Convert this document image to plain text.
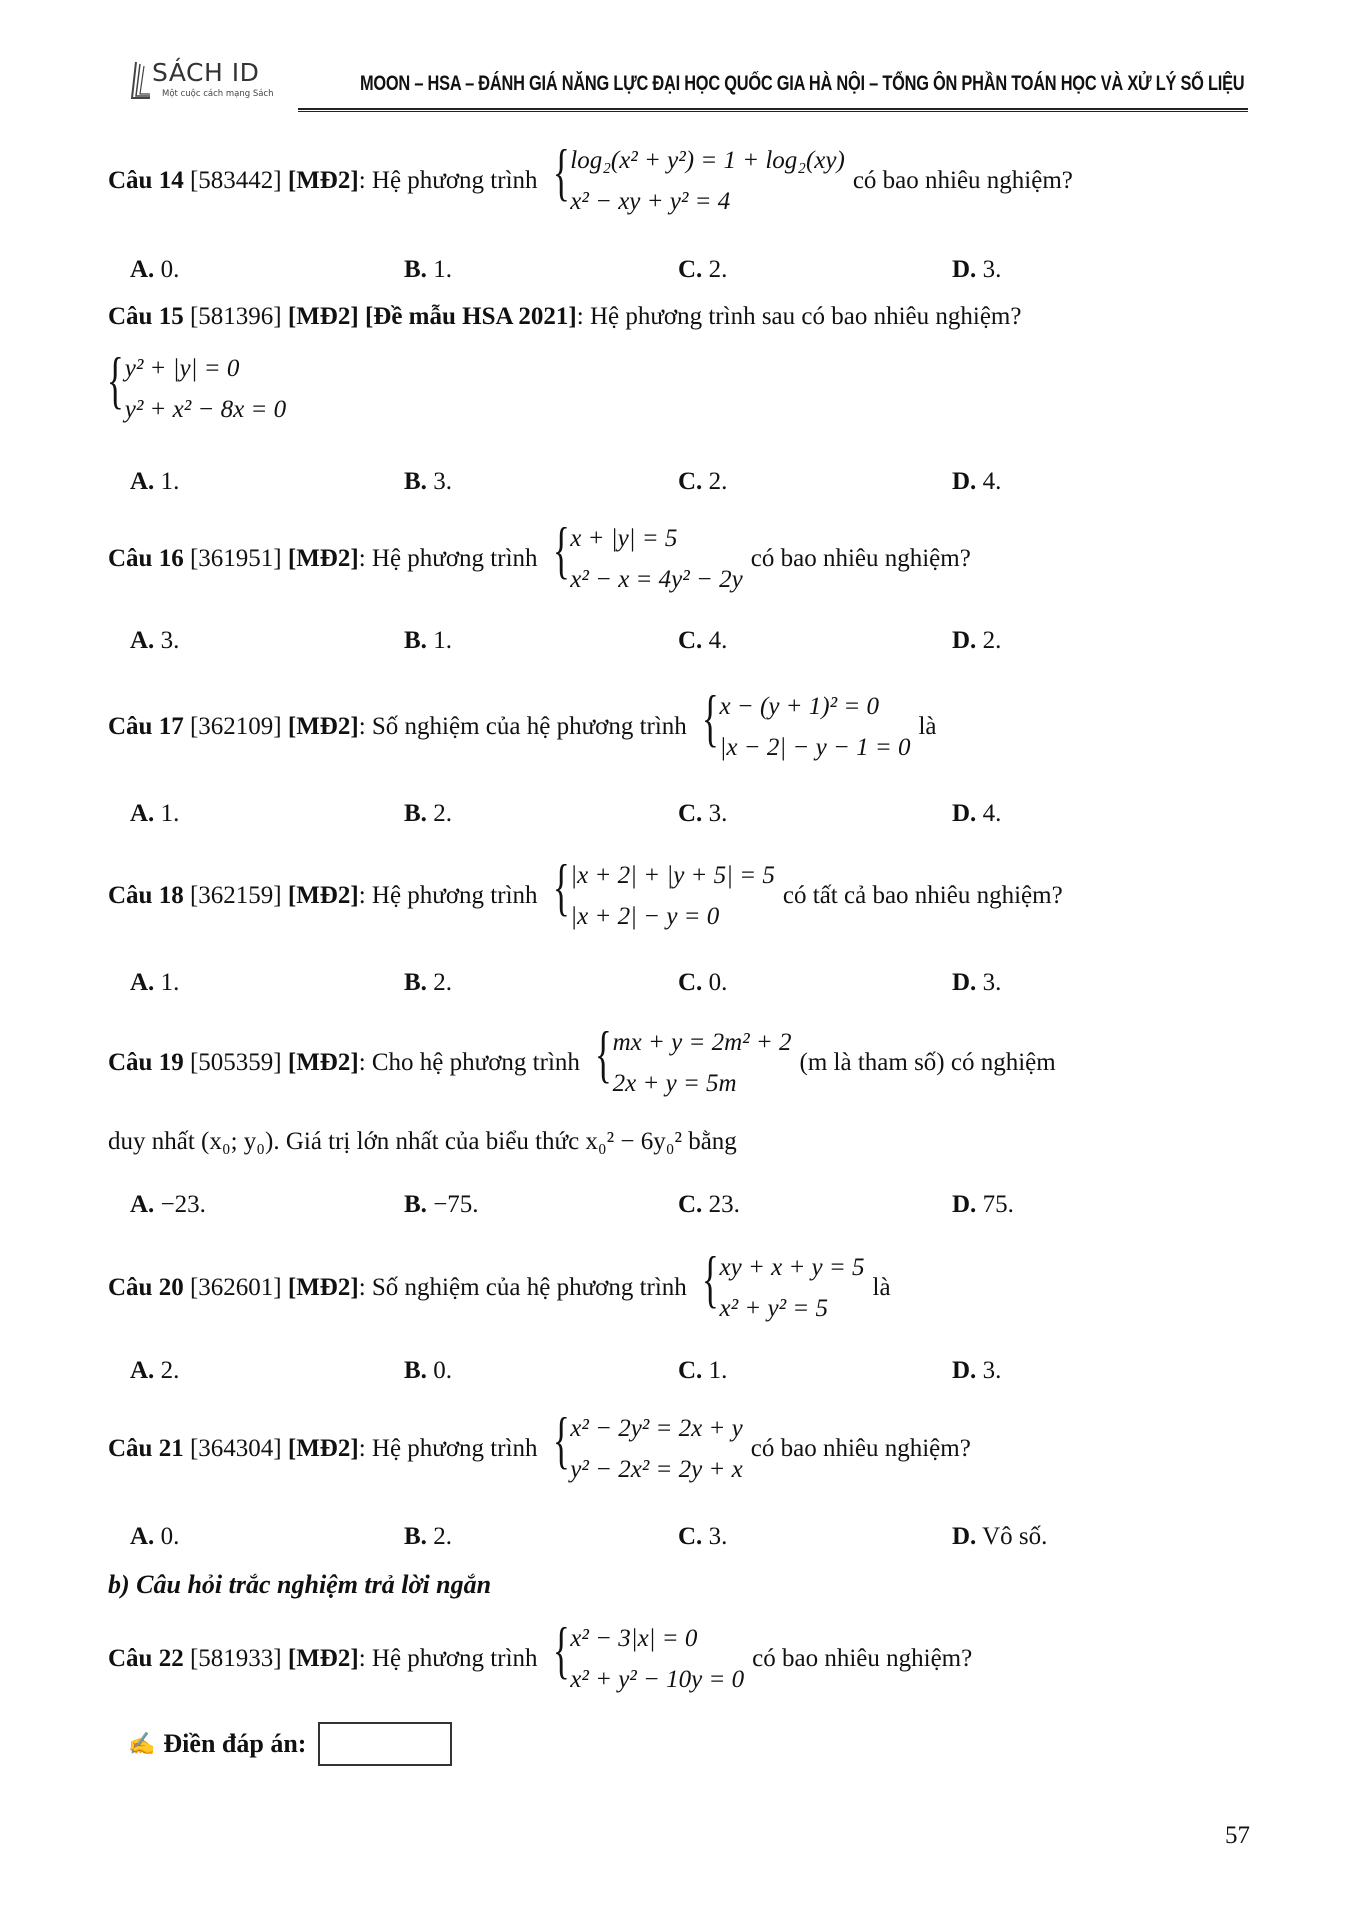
SÁCH ID
Một cuộc cách mạng Sách	MOON – HSA – ĐÁNH GIÁ NĂNG LỰC ĐẠI HỌC QUỐC GIA HÀ NỘI – TỔNG ÔN PHẦN TOÁN HỌC VÀ XỬ LÝ SỐ LIỆU
Câu 14 [583442] [MĐ2]: Hệ phương trình { log₂(x² + y²) = 1 + log₂(xy)
x² − xy + y² = 4
có bao nhiêu nghiệm?
A. 0.	B. 1.	C. 2.	D. 3.
Câu 15 [581396] [MĐ2] [Đề mẫu HSA 2021]: Hệ phương trình sau có bao nhiêu nghiệm?
{ y² + |y| = 0
y² + x² − 8x = 0
A. 1.	B. 3.	C. 2.	D. 4.
Câu 16 [361951] [MĐ2]: Hệ phương trình { x + |y| = 5
x² − x = 4y² − 2y
có bao nhiêu nghiệm?
A. 3.	B. 1.	C. 4.	D. 2.
Câu 17 [362109] [MĐ2]: Số nghiệm của hệ phương trình { x − (y + 1)² = 0
|x − 2| − y − 1 = 0
là
A. 1.	B. 2.	C. 3.	D. 4.
Câu 18 [362159] [MĐ2]: Hệ phương trình { |x + 2| + |y + 5| = 5
|x + 2| − y = 0
có tất cả bao nhiêu nghiệm?
A. 1.	B. 2.	C. 0.	D. 3.
Câu 19 [505359] [MĐ2]: Cho hệ phương trình { mx + y = 2m² + 2
2x + y = 5m
(m là tham số) có nghiệm
duy nhất (x₀; y₀). Giá trị lớn nhất của biểu thức x₀² − 6y₀² bằng
A. −23.	B. −75.	C. 23.	D. 75.
Câu 20 [362601] [MĐ2]: Số nghiệm của hệ phương trình { xy + x + y = 5
x² + y² = 5
là
A. 2.	B. 0.	C. 1.	D. 3.
Câu 21 [364304] [MĐ2]: Hệ phương trình { x² − 2y² = 2x + y
y² − 2x² = 2y + x
có bao nhiêu nghiệm?
A. 0.	B. 2.	C. 3.	D. Vô số.
b) Câu hỏi trắc nghiệm trả lời ngắn
Câu 22 [581933] [MĐ2]: Hệ phương trình { x² − 3|x| = 0
x² + y² − 10y = 0
có bao nhiêu nghiệm?
✍ Điền đáp án:
57
